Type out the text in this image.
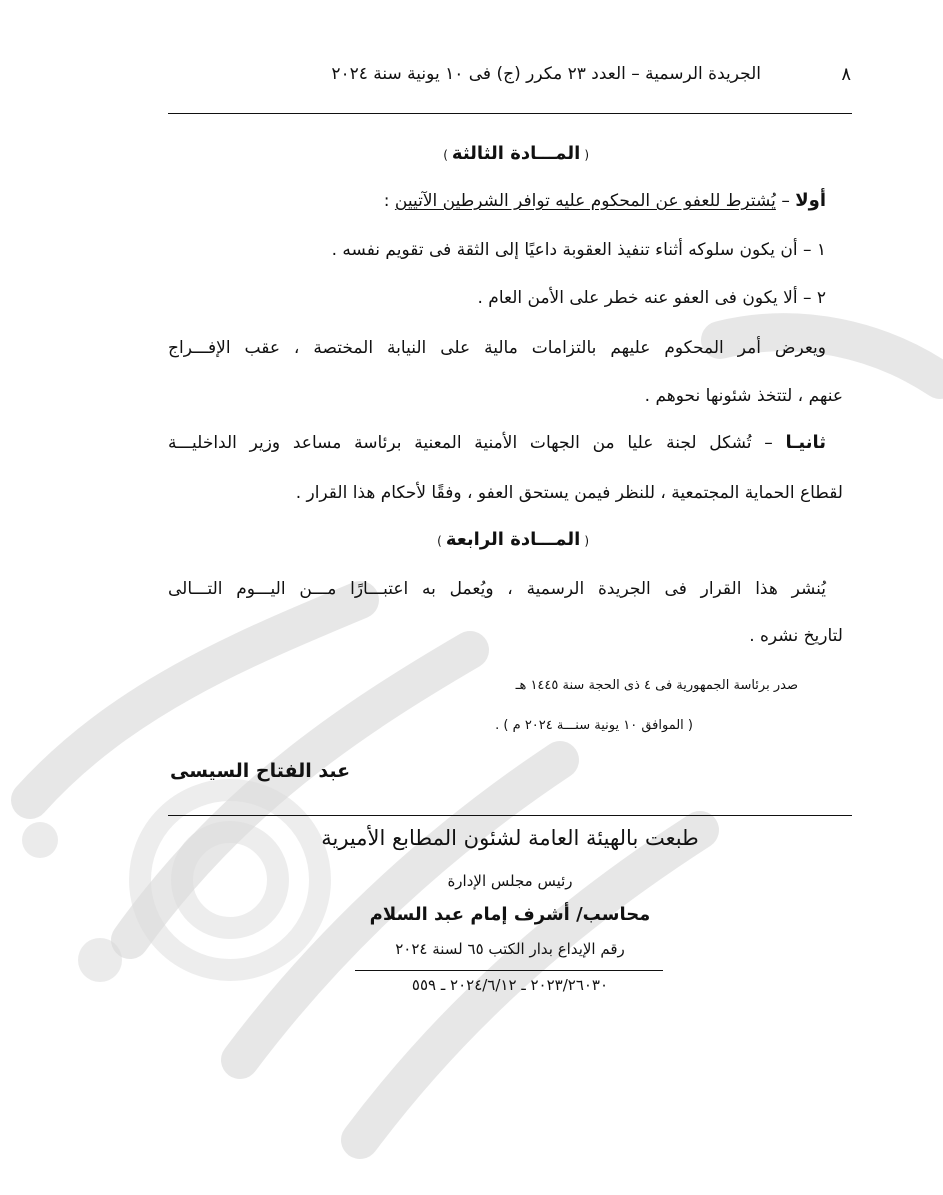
٨
الجريدة الرسمية – العدد ٢٣ مكرر (ج) فى ١٠ يونية سنة ٢٠٢٤
(المـــادة الثالثة)
أولا – يُشترط للعفو عن المحكوم عليه توافر الشرطين الآتيين :
١ – أن يكون سلوكه أثناء تنفيذ العقوبة داعيًا إلى الثقة فى تقويم نفسه .
٢ – ألا يكون فى العفو عنه خطر على الأمن العام .
ويعرض أمر المحكوم عليهم بالتزامات مالية على النيابة المختصة ، عقب الإفـــراج
عنهم ، لتتخذ شئونها نحوهم .
ثانيـا – تُشكل لجنة عليا من الجهات الأمنية المعنية برئاسة مساعد وزير الداخليـــة
لقطاع الحماية المجتمعية ، للنظر فيمن يستحق العفو ، وفقًا لأحكام هذا القرار .
(المـــادة الرابعة)
يُنشر هذا القرار فى الجريدة الرسمية ، ويُعمل به اعتبـــارًا مـــن اليـــوم التـــالى
لتاريخ نشره .
صدر برئاسة الجمهورية فى ٤ ذى الحجة سنة ١٤٤٥ هـ
( الموافق ١٠ يونية سنـــة ٢٠٢٤ م ) .
عبد الفتاح السيسى
طبعت بالهيئة العامة لشئون المطابع الأميرية
رئيس مجلس الإدارة
محاسب/ أشرف إمام عبد السلام
رقم الإيداع بدار الكتب ٦٥ لسنة ٢٠٢٤
٢٠٢٣/٢٦٠٣٠ ـ ٢٠٢٤/٦/١٢ ـ ٥٥٩
